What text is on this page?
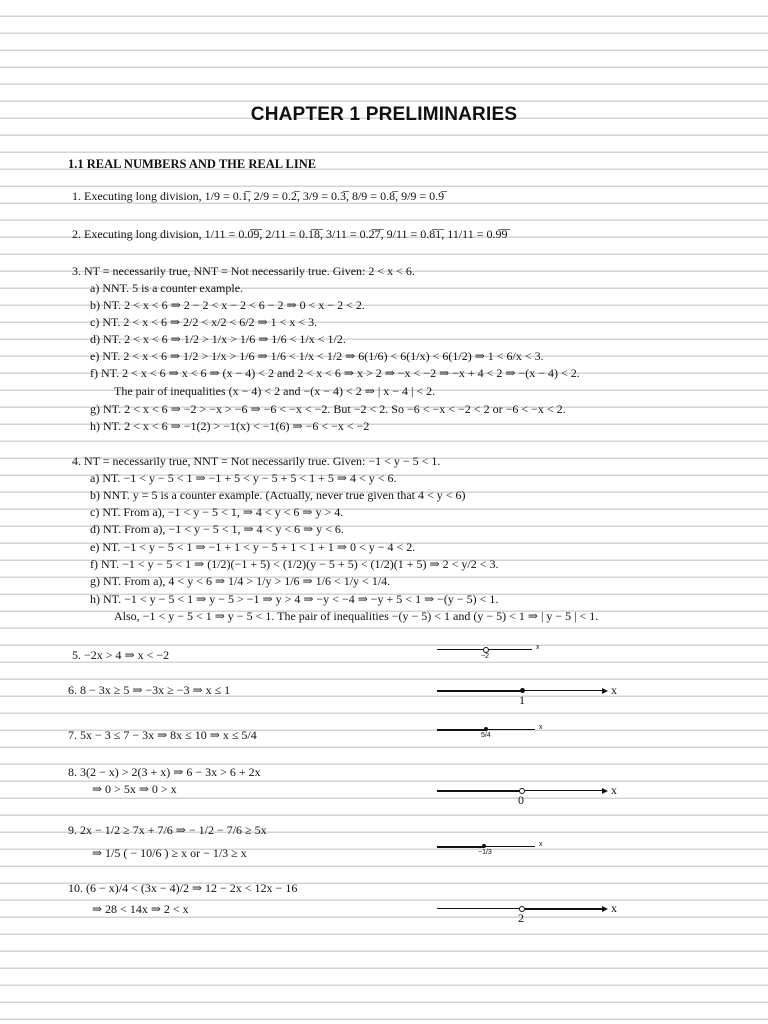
CHAPTER 1 PRELIMINARIES
1.1 REAL NUMBERS AND THE REAL LINE
1. Executing long division, 1/9 = 0.1̅, 2/9 = 0.2̅, 3/9 = 0.3̅, 8/9 = 0.8̅, 9/9 = 0.9̅
2. Executing long division, 1/11 = 0.0̅9̅, 2/11 = 0.1̅8̅, 3/11 = 0.2̅7̅, 9/11 = 0.8̅1̅, 11/11 = 0.9̅9̅
3. NT = necessarily true, NNT = Not necessarily true. Given: 2 < x < 6.
a) NNT. 5 is a counter example.
b) NT. 2 < x < 6 ⇒ 2 − 2 < x − 2 < 6 − 2 ⇒ 0 < x − 2 < 2.
c) NT. 2 < x < 6 ⇒ 2/2 < x/2 < 6/2 ⇒ 1 < x < 3.
d) NT. 2 < x < 6 ⇒ 1/2 > 1/x > 1/6 ⇒ 1/6 < 1/x < 1/2.
e) NT. 2 < x < 6 ⇒ 1/2 > 1/x > 1/6 ⇒ 1/6 < 1/x < 1/2 ⇒ 6(1/6) < 6(1/x) < 6(1/2) ⇒ 1 < 6/x < 3.
f) NT. 2 < x < 6 ⇒ x < 6 ⇒ (x − 4) < 2 and 2 < x < 6 ⇒ x > 2 ⇒ −x < −2 ⇒ −x + 4 < 2 ⇒ −(x − 4) < 2.
The pair of inequalities (x − 4) < 2 and −(x − 4) < 2 ⇒ | x − 4 | < 2.
g) NT. 2 < x < 6 ⇒ −2 > −x > −6 ⇒ −6 < −x < −2. But −2 < 2. So −6 < −x < −2 < 2 or −6 < −x < 2.
h) NT. 2 < x < 6 ⇒ −1(2) > −1(x) < −1(6) ⇒ −6 < −x < −2
4. NT = necessarily true, NNT = Not necessarily true. Given: −1 < y − 5 < 1.
a) NT. −1 < y − 5 < 1 ⇒ −1 + 5 < y − 5 + 5 < 1 + 5 ⇒ 4 < y < 6.
b) NNT. y = 5 is a counter example. (Actually, never true given that 4 < y < 6)
c) NT. From a), −1 < y − 5 < 1, ⇒ 4 < y < 6 ⇒ y > 4.
d) NT. From a), −1 < y − 5 < 1, ⇒ 4 < y < 6 ⇒ y < 6.
e) NT. −1 < y − 5 < 1 ⇒ −1 + 1 < y − 5 + 1 < 1 + 1 ⇒ 0 < y − 4 < 2.
f) NT. −1 < y − 5 < 1 ⇒ (1/2)(−1 + 5) < (1/2)(y − 5 + 5) < (1/2)(1 + 5) ⇒ 2 < y/2 < 3.
g) NT. From a), 4 < y < 6 ⇒ 1/4 > 1/y > 1/6 ⇒ 1/6 < 1/y < 1/4.
h) NT. −1 < y − 5 < 1 ⇒ y − 5 > −1 ⇒ y > 4 ⇒ −y < −4 ⇒ −y + 5 < 1 ⇒ −(y − 5) < 1.
Also, −1 < y − 5 < 1 ⇒ y − 5 < 1. The pair of inequalities −(y − 5) < 1 and (y − 5) < 1 ⇒ | y − 5 | < 1.
5. −2x > 4 ⇒ x < −2
6. 8 − 3x ≥ 5 ⇒ −3x ≥ −3 ⇒ x ≤ 1
7. 5x − 3 ≤ 7 − 3x ⇒ 8x ≤ 10 ⇒ x ≤ 5/4
8. 3(2 − x) > 2(3 + x) ⇒ 6 − 3x > 6 + 2x
⇒ 0 > 5x ⇒ 0 > x
9. 2x − 1/2 ≥ 7x + 7/6 ⇒ − 1/2 − 7/6 ≥ 5x
⇒ 1/5 ( − 10/6 ) ≥ x or − 1/3 ≥ x
10. (6 − x)/4 < (3x − 4)/2 ⇒ 12 − 2x < 12x − 16
⇒ 28 < 14x ⇒ 2 < x
−2
x
1
x
5/4
x
0
x
−1/3
x
2
x
